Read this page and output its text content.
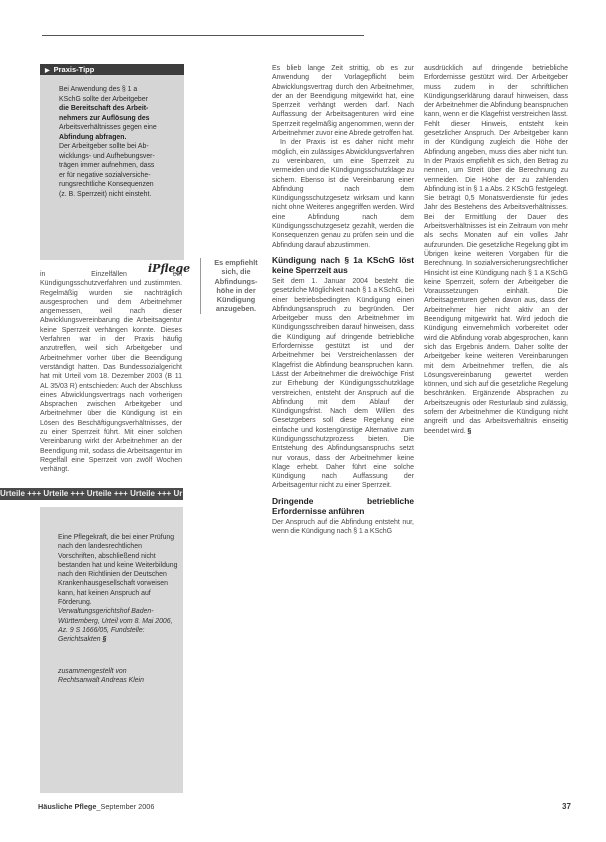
▶ Praxis-Tipp

Bei Anwendung des § 1 a

KSchG sollte der Arbeitgeber

die Bereitschaft des Arbeit-

nehmers zur Auflösung des

Arbeitsverhältnisses gegen eine

Abfindung abfragen.

Der Arbeitgeber sollte bei Ab-

wicklungs- und Aufhebungsver-

trägen immer aufnehmen, dass

er für negative sozialversiche-

rungsrechtliche Konsequenzen

(z. B. Sperrzeit) nicht einsteht.

iPflege

in Einzelfällen ein Kündigungsschutzverfahren und zustimmten. Regelmäßig wurden sie nachträglich ausgesprochen und dem Arbeitnehmer angemessen, weil nach dieser Abwicklungsvereinbarung die Arbeitsagentur keine Sperrzeit verhängen konnte. Dieses Verfahren war in der Praxis häufig anzutreffen, weil sich Arbeitgeber und Arbeitnehmer vorher über die Beendigung verständigt hatten. Das Bundessozialgericht hat mit Urteil vom 18. Dezember 2003 (B 11 AL 35/03 R) entschieden: Auch der Abschluss eines Abwicklungsvertrags nach vorherigen Absprachen zwischen Arbeitgeber und Arbeitnehmer über die Kündigung ist ein Lösen des Beschäftigungsverhältnisses, der zu einer Sperrzeit führt. Mit einer solchen Vereinbarung wirkt der Arbeitnehmer an der Beendigung mit, sodass die Arbeitsagentur im Regelfall eine Sperrzeit von zwölf Wochen verhängt.

Es empfiehlt
sich, die
Abfindungs-
höhe in der
Kündigung
anzugeben.
Urteile +++ Urteile +++ Urteile +++ Urteile +++ Ur

Eine Pflegekraft, die bei einer Prüfung nach den landesrechtlichen Vorschriften, abschließend nicht bestanden hat und keine Weiterbildung nach den Richtlinien der Deutschen Krankenhausgesellschaft vorweisen kann, hat keinen Anspruch auf Förderung.

Verwaltungsgerichtshof Baden-Württemberg, Urteil vom 8. Mai 2006, Az. 9 S 1666/05, Fundstelle: Gerichtsakten §

zusammengestellt von

Rechtsanwalt Andreas Klein

Es blieb lange Zeit strittig, ob es zur Anwendung der Vorlagepflicht beim Abwicklungsvertrag durch den Arbeitnehmer, der an der Beendigung mitgewirkt hat, eine Sperrzeit verhängt werden darf. Nach Auffassung der Arbeitsagenturen wird eine Sperrzeit regelmäßig angenommen, wenn der Arbeitnehmer zuvor eine Abrede getroffen hat.

In der Praxis ist es daher nicht mehr möglich, ein zulässiges Abwicklungsverfahren zu vereinbaren, um eine Sperrzeit zu vermeiden und die Kündigungsschutzklage zu sichern. Ebenso ist die Vereinbarung einer Abfindung nach dem Kündigungsschutzgesetz wirksam und kann nicht ohne Weiteres angegriffen werden. Wird eine Abfindung nach dem Kündigungsschutzgesetz gezahlt, werden die Konsequenzen genau zu prüfen sein und die Abfindung darauf abzustimmen.

Kündigung nach § 1a KSchG löst keine Sperrzeit aus

Seit dem 1. Januar 2004 besteht die gesetzliche Möglichkeit nach § 1 a KSchG, bei einer betriebsbedingten Kündigung einen Abfindungsanspruch zu begründen. Der Arbeitgeber muss den Arbeitnehmer im Kündigungsschreiben darauf hinweisen, dass die Kündigung auf dringende betriebliche Erfordernisse gestützt ist und der Arbeitnehmer bei Verstreichenlassen der Klagefrist die Abfindung beanspruchen kann. Lässt der Arbeitnehmer die dreiwöchige Frist zur Erhebung der Kündigungsschutzklage verstreichen, entsteht der Anspruch auf die Abfindung mit dem Ablauf der Kündigungsfrist. Nach dem Willen des Gesetzgebers soll diese Regelung eine einfache und kostengünstige Alternative zum Kündigungsschutzprozess bieten. Die Entstehung des Abfindungsanspruchs setzt nur voraus, dass der Arbeitnehmer keine Klage erhebt. Daher führt eine solche Kündigung nach Auffassung der Arbeitsagentur nicht zu einer Sperrzeit.

Dringende betriebliche Erfordernisse anführen

Der Anspruch auf die Abfindung entsteht nur, wenn die Kündigung nach § 1 a KSchG

ausdrücklich auf dringende betriebliche Erfordernisse gestützt wird. Der Arbeitgeber muss zudem in der schriftlichen Kündigungserklärung darauf hinweisen, dass der Arbeitnehmer die Abfindung beanspruchen kann, wenn er die Klagefrist verstreichen lässt. Fehlt dieser Hinweis, entsteht kein gesetzlicher Anspruch. Der Arbeitgeber kann in der Kündigung zugleich die Höhe der Abfindung angeben, muss dies aber nicht tun. In der Praxis empfiehlt es sich, den Betrag zu nennen, um Streit über die Berechnung zu vermeiden. Die Höhe der zu zahlenden Abfindung ist in § 1 a Abs. 2 KSchG festgelegt. Sie beträgt 0,5 Monatsverdienste für jedes Jahr des Bestehens des Arbeitsverhältnisses. Bei der Ermittlung der Dauer des Arbeitsverhältnisses ist ein Zeitraum von mehr als sechs Monaten auf ein volles Jahr aufzurunden. Die gesetzliche Regelung gibt im Übrigen keine weiteren Vorgaben für die Berechnung. In sozialversicherungsrechtlicher Hinsicht ist eine Kündigung nach § 1 a KSchG keine Sperrzeit, sofern der Arbeitgeber die Voraussetzungen einhält. Die Arbeitsagenturen gehen davon aus, dass der Arbeitnehmer hier nicht aktiv an der Beendigung mitgewirkt hat. Wird jedoch die Kündigung einvernehmlich vorbereitet oder wird die Abfindung vorab abgesprochen, kann sich das Ergebnis ändern. Daher sollte der Arbeitgeber keine weiteren Vereinbarungen mit dem Arbeitnehmer treffen, die als Lösungsvereinbarung gewertet werden können, und sich auf die gesetzliche Regelung beschränken. Ergänzende Absprachen zu Arbeitszeugnis oder Resturlaub sind zulässig, sofern der Arbeitnehmer die Kündigung nicht angreift und das Arbeitsverhältnis einseitig beendet wird. §

Häusliche Pflege_September 2006	37
